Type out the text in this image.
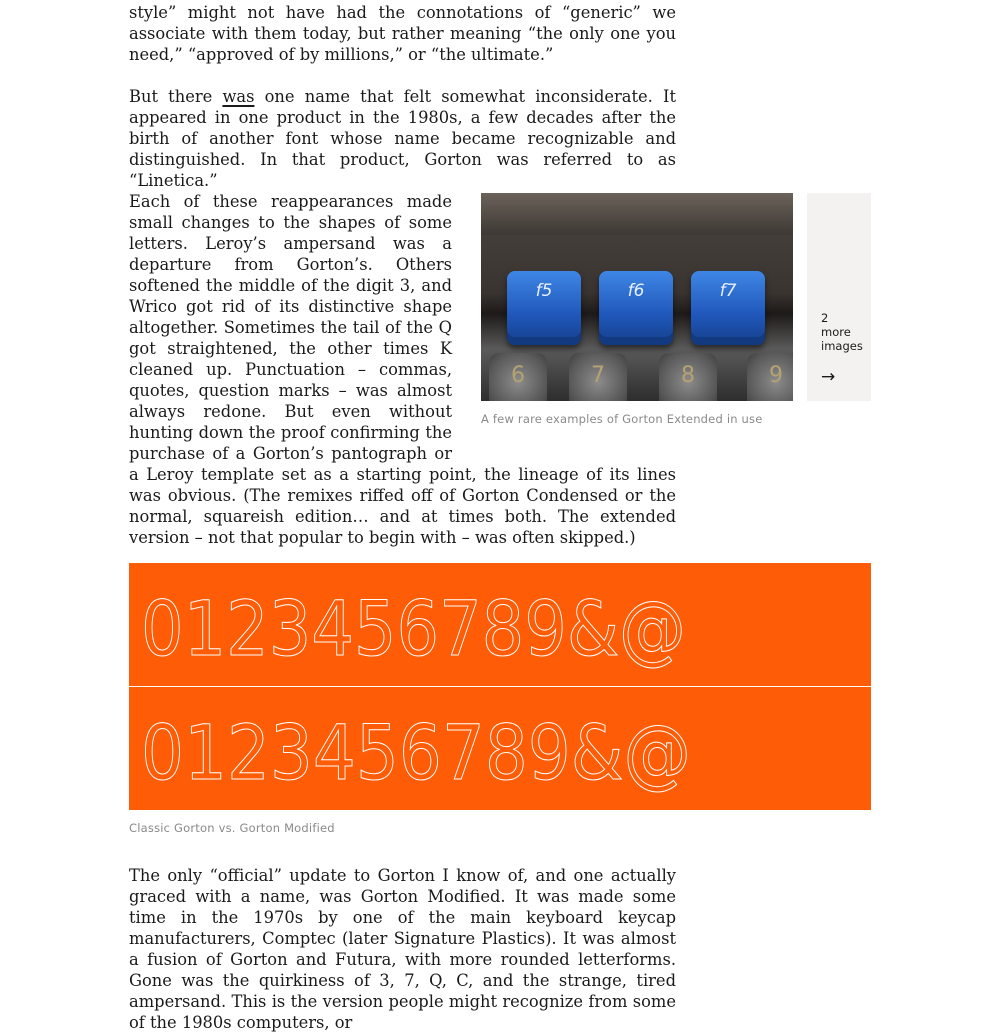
style” might not have had the connotations of “generic” we associate with them today, but rather meaning “the only one you need,” “approved of by millions,” or “the ultimate.”

But there was one name that felt somewhat inconsiderate. It appeared in one product in the 1980s, a few decades after the birth of another font whose name became recognizable and distinguished. In that product, Gorton was referred to as “Linetica.”

Each of these reappearances made small changes to the shapes of some letters. Leroy’s ampersand was a departure from Gorton’s. Others softened the middle of the digit 3, and Wrico got rid of its distinctive shape altogether. Sometimes the tail of the Q got straightened, the other times K cleaned up. Punctuation – commas, quotes, question marks – was almost always redone. But even without hunting down the proof confirming the purchase of a Gorton’s pantograph or a Leroy template set as a starting point, the lineage of its lines was obvious. (The remixes riffed off of Gorton Condensed or the normal, squareish edition… and at times both. The extended version – not that popular to begin with – was often skipped.)

f5	f6	f7
6	7	8	9
2
more
images
→
A few rare examples of Gorton Extended in use
0123456789&@
0123456789&@
Classic Gorton vs. Gorton Modified

The only “official” update to Gorton I know of, and one actually graced with a name, was Gorton Modified. It was made some time in the 1970s by one of the main keyboard keycap manufacturers, Comptec (later Signature Plastics). It was almost a fusion of Gorton and Futura, with more rounded letterforms. Gone was the quirkiness of 3, 7, Q, C, and the strange, tired ampersand. This is the version people might recognize from some of the 1980s computers, or
